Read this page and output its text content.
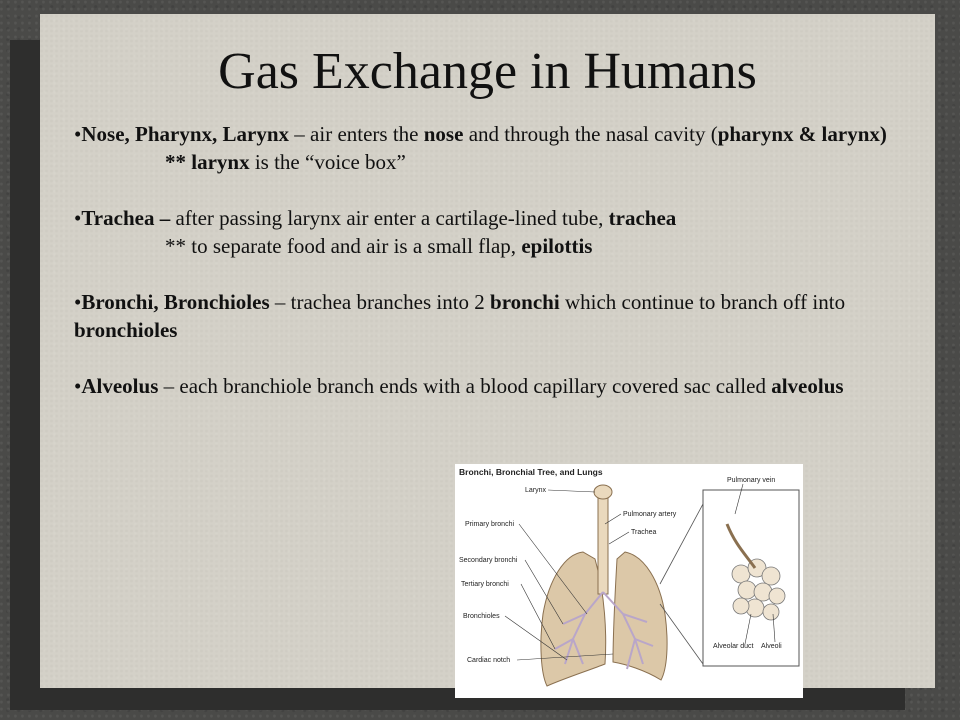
Gas Exchange in Humans

•Nose, Pharynx, Larynx – air enters the nose and through the nasal cavity (pharynx & larynx)

** larynx is the “voice box”

•Trachea – after passing larynx air enter a cartilage-lined tube, trachea

** to separate food and air is a small flap, epilottis

•Bronchi, Bronchioles – trachea branches into 2 bronchi which continue to branch off into bronchioles

•Alveolus – each branchiole branch ends with a blood capillary covered sac called alveolus

Bronchi, Bronchial Tree, and Lungs
Larynx
Primary bronchi
Secondary bronchi
Tertiary bronchi
Bronchioles
Cardiac notch
Pulmonary artery
Trachea
Pulmonary vein
Alveolar duct Alveoli
